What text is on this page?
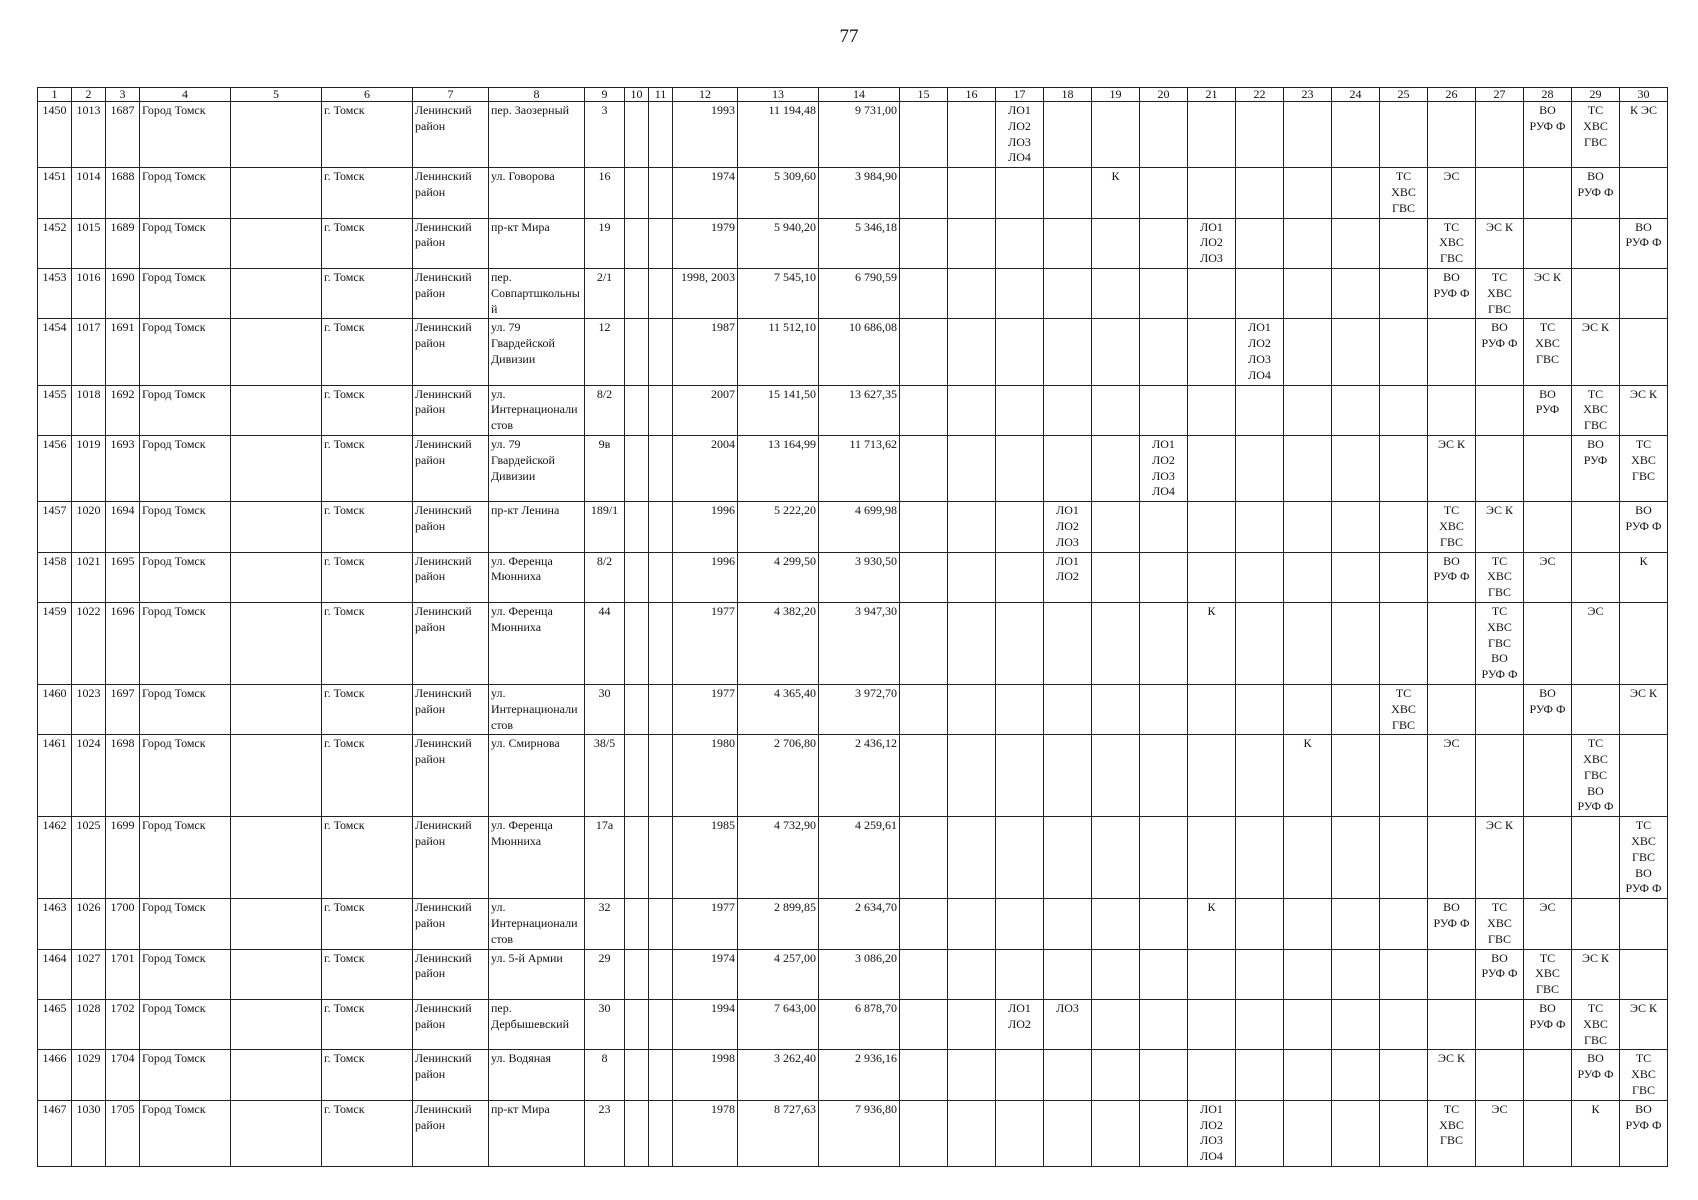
77
1	2	3	4	5	6	7	8	9	10	11	12	13	14	15	16	17	18	19	20	21	22	23	24	25	26	27	28	29	30
1450	1013	1687	Город Томск		г. Томск	Ленинский район	пер. Заозерный	3			1993	11 194,48	9 731,00			ЛО1
ЛО2
ЛО3
ЛО4											ВО
РУФ Ф	ТС
ХВС
ГВС	К ЭС
1451	1014	1688	Город Томск		г. Томск	Ленинский район	ул. Говорова	16			1974	5 309,60	3 984,90					К						ТС
ХВС
ГВС	ЭС			ВО
РУФ Ф	
1452	1015	1689	Город Томск		г. Томск	Ленинский район	пр-кт Мира	19			1979	5 940,20	5 346,18							ЛО1
ЛО2
ЛО3					ТС
ХВС
ГВС	ЭС К			ВО
РУФ Ф
1453	1016	1690	Город Томск		г. Томск	Ленинский район	пер. Совпартшкольный	2/1			1998, 2003	7 545,10	6 790,59												ВО
РУФ Ф	ТС
ХВС
ГВС	ЭС К		
1454	1017	1691	Город Томск		г. Томск	Ленинский район	ул. 79 Гвардейской Дивизии	12			1987	11 512,10	10 686,08								ЛО1
ЛО2
ЛО3
ЛО4					ВО
РУФ Ф	ТС
ХВС
ГВС	ЭС К	
1455	1018	1692	Город Томск		г. Томск	Ленинский район	ул. Интернационалистов	8/2			2007	15 141,50	13 627,35														ВО
РУФ	ТС
ХВС
ГВС	ЭС К
1456	1019	1693	Город Томск		г. Томск	Ленинский район	ул. 79 Гвардейской Дивизии	9в			2004	13 164,99	11 713,62						ЛО1
ЛО2
ЛО3
ЛО4						ЭС К			ВО
РУФ	ТС
ХВС
ГВС
1457	1020	1694	Город Томск		г. Томск	Ленинский район	пр-кт Ленина	189/1			1996	5 222,20	4 699,98				ЛО1
ЛО2
ЛО3								ТС
ХВС
ГВС	ЭС К			ВО
РУФ Ф
1458	1021	1695	Город Томск		г. Томск	Ленинский район	ул. Ференца Мюнниха	8/2			1996	4 299,50	3 930,50				ЛО1
ЛО2								ВО
РУФ Ф	ТС
ХВС
ГВС	ЭС		К
1459	1022	1696	Город Томск		г. Томск	Ленинский район	ул. Ференца Мюнниха	44			1977	4 382,20	3 947,30							К						ТС
ХВС
ГВС
ВО
РУФ Ф		ЭС	
1460	1023	1697	Город Томск		г. Томск	Ленинский район	ул. Интернационалистов	30			1977	4 365,40	3 972,70											ТС
ХВС
ГВС			ВО
РУФ Ф		ЭС К
1461	1024	1698	Город Томск		г. Томск	Ленинский район	ул. Смирнова	38/5			1980	2 706,80	2 436,12									К			ЭС			ТС
ХВС
ГВС
ВО
РУФ Ф	
1462	1025	1699	Город Томск		г. Томск	Ленинский район	ул. Ференца Мюнниха	17а			1985	4 732,90	4 259,61													ЭС К			ТС
ХВС
ГВС
ВО
РУФ Ф
1463	1026	1700	Город Томск		г. Томск	Ленинский район	ул. Интернационалистов	32			1977	2 899,85	2 634,70							К					ВО
РУФ Ф	ТС
ХВС
ГВС	ЭС		
1464	1027	1701	Город Томск		г. Томск	Ленинский район	ул. 5-й Армии	29			1974	4 257,00	3 086,20													ВО
РУФ Ф	ТС
ХВС
ГВС	ЭС К	
1465	1028	1702	Город Томск		г. Томск	Ленинский район	пер. Дербышевский	30			1994	7 643,00	6 878,70			ЛО1
ЛО2	ЛО3										ВО
РУФ Ф	ТС
ХВС
ГВС	ЭС К
1466	1029	1704	Город Томск		г. Томск	Ленинский район	ул. Водяная	8			1998	3 262,40	2 936,16												ЭС К			ВО
РУФ Ф	ТС
ХВС
ГВС
1467	1030	1705	Город Томск		г. Томск	Ленинский район	пр-кт Мира	23			1978	8 727,63	7 936,80							ЛО1
ЛО2
ЛО3
ЛО4					ТС
ХВС
ГВС	ЭС		К	ВО
РУФ Ф
